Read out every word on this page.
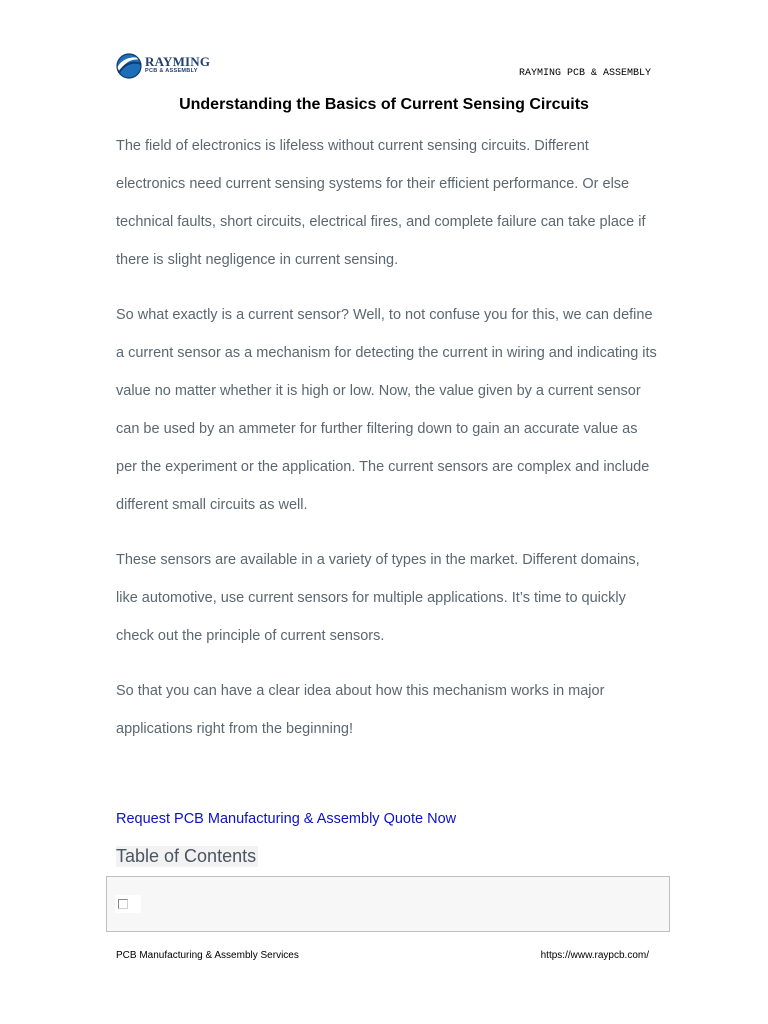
RAYMING
PCB & ASSEMBLY	RAYMING PCB & ASSEMBLY
Understanding the Basics of Current Sensing Circuits

The field of electronics is lifeless without current sensing circuits. Different electronics need current sensing systems for their efficient performance. Or else technical faults, short circuits, electrical fires, and complete failure can take place if there is slight negligence in current sensing.

So what exactly is a current sensor? Well, to not confuse you for this, we can define a current sensor as a mechanism for detecting the current in wiring and indicating its value no matter whether it is high or low. Now, the value given by a current sensor can be used by an ammeter for further filtering down to gain an accurate value as per the experiment or the application. The current sensors are complex and include different small circuits as well.

These sensors are available in a variety of types in the market. Different domains, like automotive, use current sensors for multiple applications. It’s time to quickly check out the principle of current sensors.

So that you can have a clear idea about how this mechanism works in major applications right from the beginning!

Request PCB Manufacturing & Assembly Quote Now
Table of Contents
PCB Manufacturing & Assembly Services	https://www.raypcb.com/
